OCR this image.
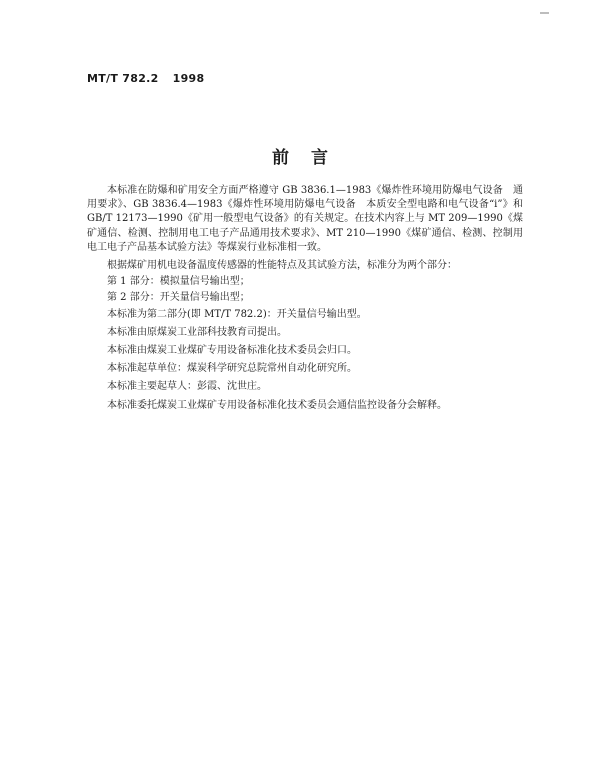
MT/T 782.2 1998
前言

本标准在防爆和矿用安全方面严格遵守 GB 3836.1—1983《爆炸性环境用防爆电气设备　通用要求》、GB 3836.4—1983《爆炸性环境用防爆电气设备　本质安全型电路和电气设备“i”》和 GB/T 12173—1990《矿用一般型电气设备》的有关规定。在技术内容上与 MT 209—1990《煤矿通信、检测、控制用电工电子产品通用技术要求》、MT 210—1990《煤矿通信、检测、控制用电工电子产品基本试验方法》等煤炭行业标准相一致。

根据煤矿用机电设备温度传感器的性能特点及其试验方法，标准分为两个部分：

第 1 部分：模拟量信号输出型；

第 2 部分：开关量信号输出型；

本标准为第二部分(即 MT/T 782.2)：开关量信号输出型。

本标准由原煤炭工业部科技教育司提出。

本标准由煤炭工业煤矿专用设备标准化技术委员会归口。

本标准起草单位：煤炭科学研究总院常州自动化研究所。

本标准主要起草人：彭霞、沈世庄。

本标准委托煤炭工业煤矿专用设备标准化技术委员会通信监控设备分会解释。
